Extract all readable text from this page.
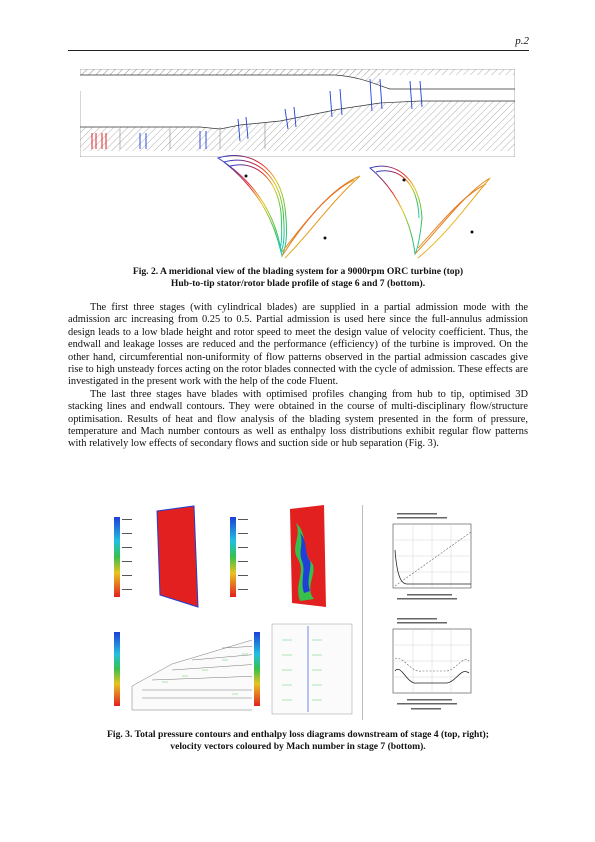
p.2
Fig. 2. A meridional view of the blading system for a 9000rpm ORC turbine (top)
Hub-to-tip stator/rotor blade profile of stage 6 and 7 (bottom).

The first three stages (with cylindrical blades) are supplied in a partial admission mode with the admission arc increasing from 0.25 to 0.5. Partial admission is used here since the full-annulus admission design leads to a low blade height and rotor speed to meet the design value of velocity coefficient. Thus, the endwall and leakage losses are reduced and the performance (efficiency) of the turbine is improved. On the other hand, circumferential non-uniformity of flow patterns observed in the partial admission cascades give rise to high unsteady forces acting on the rotor blades connected with the cycle of admission. These effects are investigated in the present work with the help of the code Fluent.

The last three stages have blades with optimised profiles changing from hub to tip, optimised 3D stacking lines and endwall contours. They were obtained in the course of multi-disciplinary flow/structure optimisation. Results of heat and flow analysis of the blading system presented in the form of pressure, temperature and Mach number contours as well as enthalpy loss distributions exhibit regular flow patterns with relatively low effects of secondary flows and suction side or hub separation (Fig. 3).

Fig. 3. Total pressure contours and enthalpy loss diagrams downstream of stage 4 (top, right);
velocity vectors coloured by Mach number in stage 7 (bottom).
